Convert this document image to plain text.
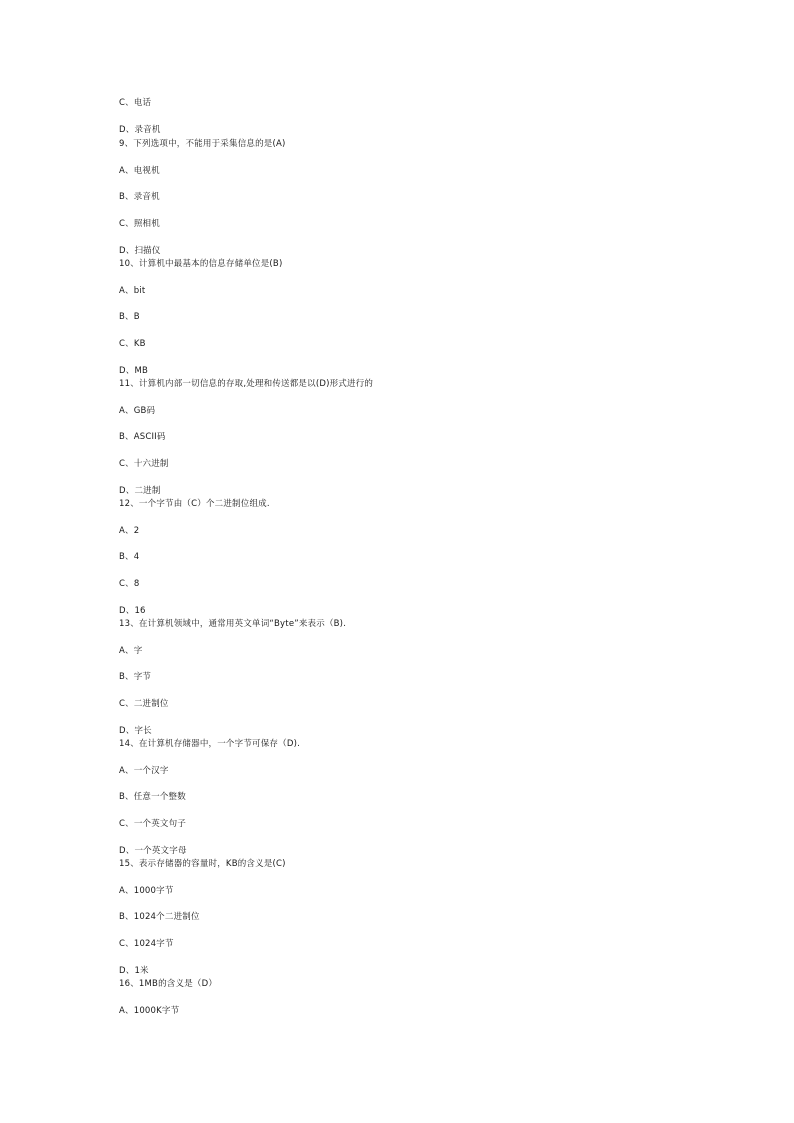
C、电话
D、录音机
9、下列选项中，不能用于采集信息的是(A)
A、电视机
B、录音机
C、照相机
D、扫描仪
10、计算机中最基本的信息存储单位是(B)
A、bit
B、B
C、KB
D、MB
11、计算机内部一切信息的存取,处理和传送都是以(D)形式进行的
A、GB码
B、ASCII码
C、十六进制
D、二进制
12、一个字节由（C）个二进制位组成.
A、2
B、4
C、8
D、16
13、在计算机领域中，通常用英文单词“Byte”来表示（B).
A、字
B、字节
C、二进制位
D、字长
14、在计算机存储器中，一个字节可保存（D).
A、一个汉字
B、任意一个整数
C、一个英文句子
D、一个英文字母
15、表示存储器的容量时，KB的含义是(C)
A、1000字节
B、1024个二进制位
C、1024字节
D、1米
16、1MB的含义是（D）
A、1000K字节
